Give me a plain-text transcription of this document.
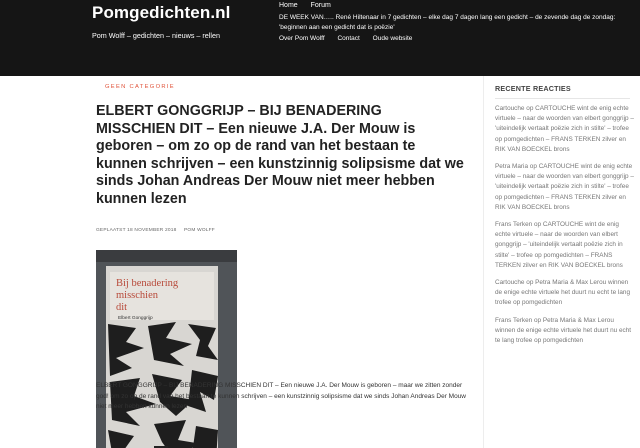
Pomgedichten.nl
Pom Wolff – gedichten – nieuws – rellen
Home Forum
DE WEEK VAN….. René Hiltenaar in 7 gedichten – elke dag 7 dagen lang een gedicht – de zevende dag de zondag: 'beginnen aan een gedicht dat is poëzie'
Over Pom Wolff Contact Oude website
GEEN CATEGORIE
ELBERT GONGGRIJP – BIJ BENADERING MISSCHIEN DIT – Een nieuwe J.A. Der Mouw is geboren – om zo op de rand van het bestaan te kunnen schrijven – een kunstzinnig solipsisme dat we sinds Johan Andreas Der Mouw niet meer hebben kunnen lezen
GEPLAATST 18 NOVEMBER 2018 POM WOLFF
Bij benadering
misschien
dit
Elbert Gonggrijp

ELBERT GONGGRIJP – BIJ BENADERING MISSCHIEN DIT – Een nieuwe J.A. Der Mouw is geboren – maar we zitten zonder god! om zo op de rand van het bestaan te kunnen schrijven – een kunstzinnig solipsisme dat we sinds Johan Andreas Der Mouw niet meer hebben kunnen lezen

RECENTE REACTIES
Cartouche op CARTOUCHE wint de enig echte virtuele – naar de woorden van elbert gonggrijp – 'uiteindelijk vertaalt poëzie zich in stilte' – trofee op pomgedichten – FRANS TERKEN zilver en RIK VAN BOECKEL brons
Petra Maria op CARTOUCHE wint de enig echte virtuele – naar de woorden van elbert gonggrijp – 'uiteindelijk vertaalt poëzie zich in stilte' – trofee op pomgedichten – FRANS TERKEN zilver en RIK VAN BOECKEL brons
Frans Terken op CARTOUCHE wint de enig echte virtuele – naar de woorden van elbert gonggrijp – 'uiteindelijk vertaalt poëzie zich in stilte' – trofee op pomgedichten – FRANS TERKEN zilver en RIK VAN BOECKEL brons
Cartouche op Petra Maria & Max Lerou winnen de enige echte virtuele het duurt nu echt te lang trofee op pomgedichten
Frans Terken op Petra Maria & Max Lerou winnen de enige echte virtuele het duurt nu echt te lang trofee op pomgedichten
